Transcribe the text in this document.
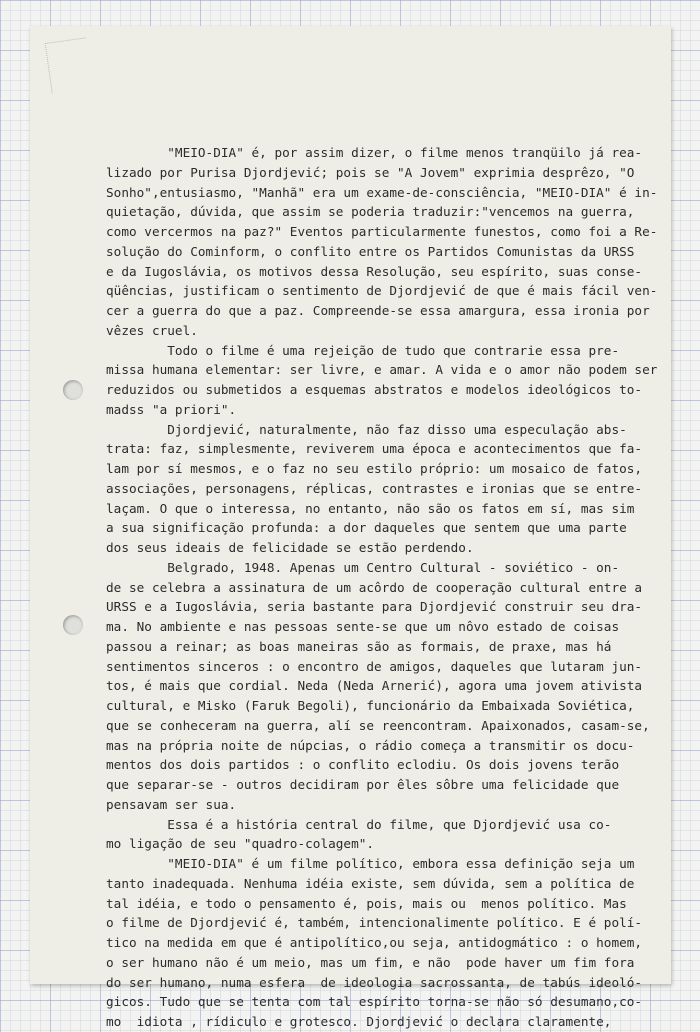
"MEIO-DIA" é, por assim dizer, o filme menos tranqüilo já rea-
lizado por Purisa Djordjević; pois se "A Jovem" exprimia desprêzo, "O
Sonho",entusiasmo, "Manhã" era um exame-de-consciência, "MEIO-DIA" é in-
quietação, dúvida, que assim se poderia traduzir:"vencemos na guerra,
como vercermos na paz?" Eventos particularmente funestos, como foi a Re-
solução do Cominform, o conflito entre os Partidos Comunistas da URSS
e da Iugoslávia, os motivos dessa Resolução, seu espírito, suas conse-
qüências, justificam o sentimento de Djordjević de que é mais fácil ven-
cer a guerra do que a paz. Compreende-se essa amargura, essa ironia por
vêzes cruel.
Todo o filme é uma rejeição de tudo que contrarie essa pre-
missa humana elementar: ser livre, e amar. A vida e o amor não podem ser
reduzidos ou submetidos a esquemas abstratos e modelos ideológicos to-
madss "a priori".
Djordjević, naturalmente, não faz disso uma especulação abs-
trata: faz, simplesmente, reviverem uma época e acontecimentos que fa-
lam por sí mesmos, e o faz no seu estilo próprio: um mosaico de fatos,
associações, personagens, réplicas, contrastes e ironias que se entre-
laçam. O que o interessa, no entanto, não são os fatos em sí, mas sim
a sua significação profunda: a dor daqueles que sentem que uma parte
dos seus ideais de felicidade se estão perdendo.
Belgrado, 1948. Apenas um Centro Cultural - soviético - on-
de se celebra a assinatura de um acôrdo de cooperação cultural entre a
URSS e a Iugoslávia, seria bastante para Djordjević construir seu dra-
ma. No ambiente e nas pessoas sente-se que um nôvo estado de coisas
passou a reinar; as boas maneiras são as formais, de praxe, mas há
sentimentos sinceros : o encontro de amigos, daqueles que lutaram jun-
tos, é mais que cordial. Neda (Neda Arnerić), agora uma jovem ativista
cultural, e Misko (Faruk Begoli), funcionário da Embaixada Soviética,
que se conheceram na guerra, alí se reencontram. Apaixonados, casam-se,
mas na própria noite de núpcias, o rádio começa a transmitir os docu-
mentos dos dois partidos : o conflito eclodiu. Os dois jovens terão
que separar-se - outros decidiram por êles sôbre uma felicidade que
pensavam ser sua.
Essa é a história central do filme, que Djordjević usa co-
mo ligação de seu "quadro-colagem".
"MEIO-DIA" é um filme político, embora essa definição seja um
tanto inadequada. Nenhuma idéia existe, sem dúvida, sem a política de
tal idéia, e todo o pensamento é, pois, mais ou  menos político. Mas
o filme de Djordjević é, também, intencionalimente político. E é polí-
tico na medida em que é antipolítico,ou seja, antidogmático : o homem,
o ser humano não é um meio, mas um fim, e não  pode haver um fim fora
do ser humano, numa esfera  de ideologia sacrossanta, de tabús ideoló-
gicos. Tudo que se tenta com tal espírito torna-se não só desumano,co-
mo  idiota , rídiculo e grotesco. Djordjević o declara claramente,
